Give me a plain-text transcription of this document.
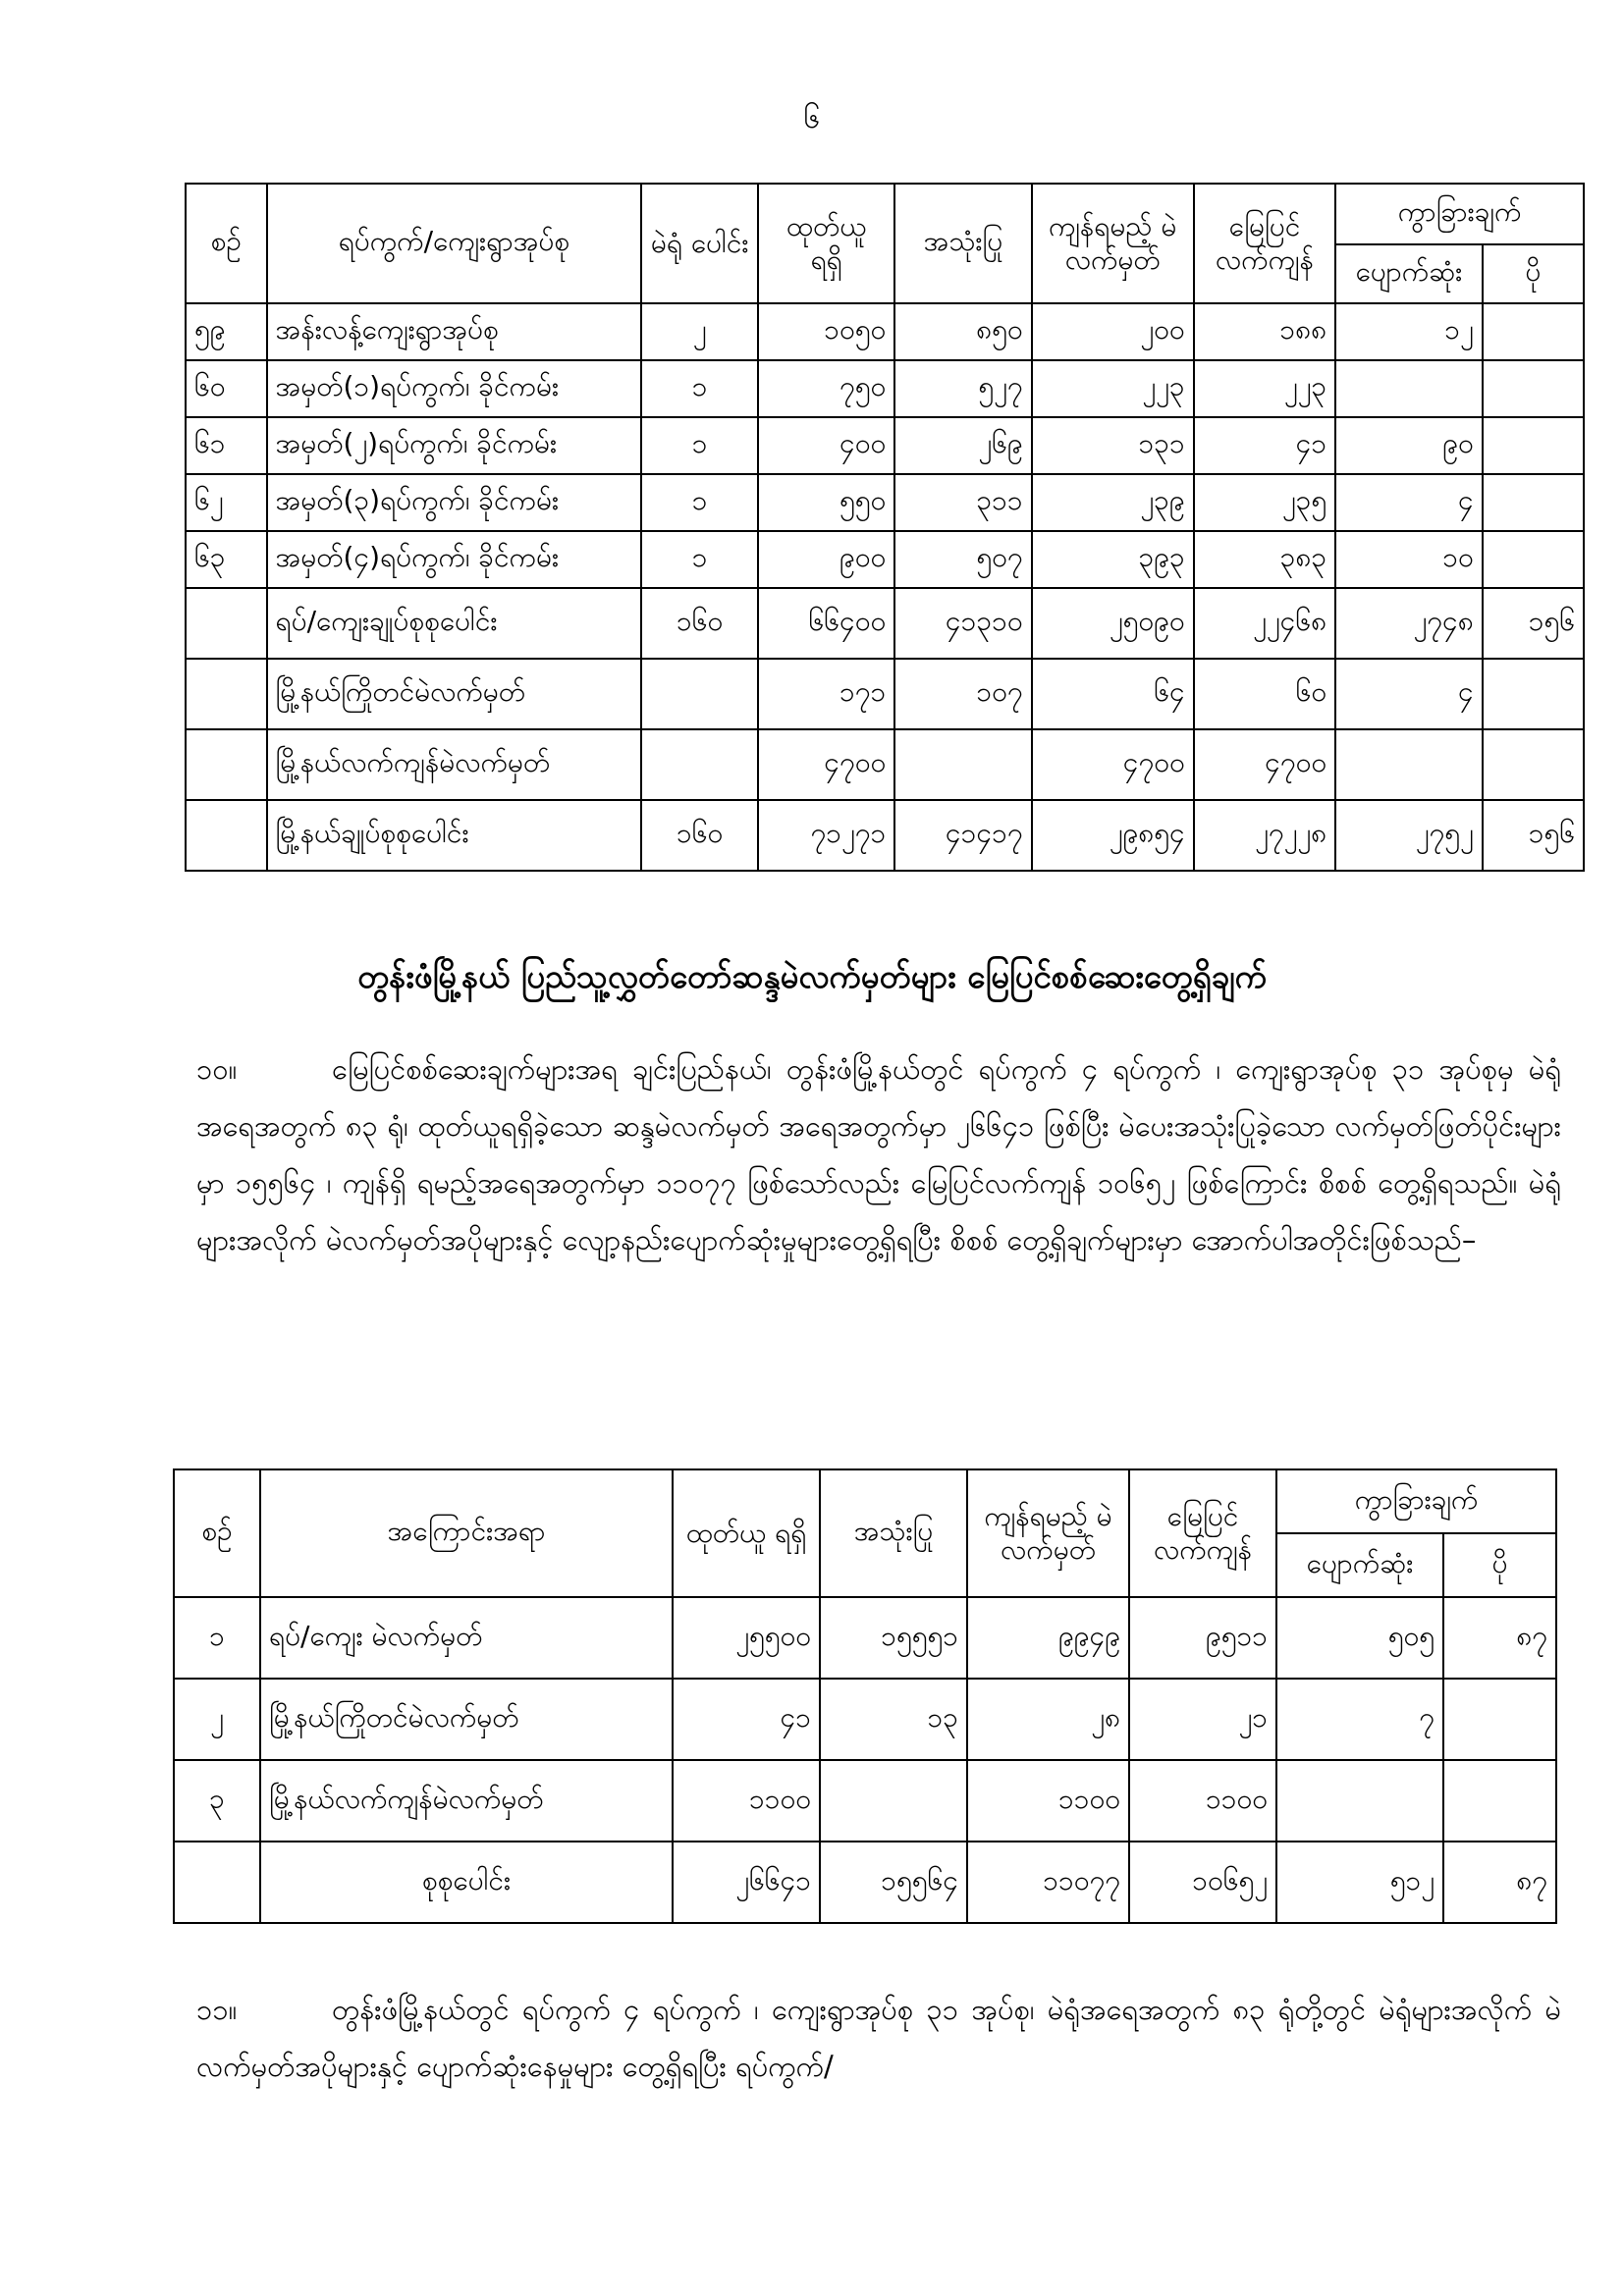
၆
စဉ်	ရပ်ကွက်/ကျေးရွာအုပ်စု	မဲရုံ ပေါင်း	ထုတ်ယူ ရရှိ	အသုံးပြု	ကျန်ရမည့် မဲလက်မှတ်	မြေပြင် လက်ကျန်	ကွာခြားချက်	
							ပျောက်ဆုံး	ပို
၅၉	အန်းလန့်ကျေးရွာအုပ်စု	၂	၁၀၅၀	၈၅၀	၂၀၀	၁၈၈	၁၂	
၆၀	အမှတ်(၁)ရပ်ကွက်၊ ခိုင်ကမ်း	၁	၇၅၀	၅၂၇	၂၂၃	၂၂၃		
၆၁	အမှတ်(၂)ရပ်ကွက်၊ ခိုင်ကမ်း	၁	၄၀၀	၂၆၉	၁၃၁	၄၁	၉၀	
၆၂	အမှတ်(၃)ရပ်ကွက်၊ ခိုင်ကမ်း	၁	၅၅၀	၃၁၁	၂၃၉	၂၃၅	၄	
၆၃	အမှတ်(၄)ရပ်ကွက်၊ ခိုင်ကမ်း	၁	၉၀၀	၅၀၇	၃၉၃	၃၈၃	၁၀	
	ရပ်/ကျေးချုပ်စုစုပေါင်း	၁၆၀	၆၆၄၀၀	၄၁၃၁၀	၂၅၀၉၀	၂၂၄၆၈	၂၇၄၈	၁၅၆
	မြို့နယ်ကြိုတင်မဲလက်မှတ်		၁၇၁	၁၀၇	၆၄	၆၀	၄	
	မြို့နယ်လက်ကျန်မဲလက်မှတ်		၄၇၀၀		၄၇၀၀	၄၇၀၀		
	မြို့နယ်ချုပ်စုစုပေါင်း	၁၆၀	၇၁၂၇၁	၄၁၄၁၇	၂၉၈၅၄	၂၇၂၂၈	၂၇၅၂	၁၅၆
တွန်းဖံမြို့နယ် ပြည်သူ့လွှတ်တော်ဆန္ဒမဲလက်မှတ်များ မြေပြင်စစ်ဆေးတွေ့ရှိချက်
၁၀။	မြေပြင်စစ်ဆေးချက်များအရ ချင်းပြည်နယ်၊ တွန်းဖံမြို့နယ်တွင် ရပ်ကွက် ၄ ရပ်ကွက် ၊ ကျေးရွာအုပ်စု ၃၁ အုပ်စုမှ မဲရုံအရေအတွက် ၈၃ ရုံ၊ ထုတ်ယူရရှိခဲ့သော ဆန္ဒမဲလက်မှတ် အရေအတွက်မှာ ၂၆၆၄၁ ဖြစ်ပြီး မဲပေးအသုံးပြုခဲ့သော လက်မှတ်ဖြတ်ပိုင်းများမှာ ၁၅၅၆၄ ၊ ကျန်ရှိ ရမည့်အရေအတွက်မှာ ၁၁၀၇၇ ဖြစ်သော်လည်း မြေပြင်လက်ကျန် ၁၀၆၅၂ ဖြစ်ကြောင်း စိစစ် တွေ့ရှိရသည်။ မဲရုံများအလိုက် မဲလက်မှတ်အပိုများနှင့် လျော့နည်းပျောက်ဆုံးမှုများတွေ့ရှိရပြီး စိစစ် တွေ့ရှိချက်များမှာ အောက်ပါအတိုင်းဖြစ်သည်–
စဉ်	အကြောင်းအရာ	ထုတ်ယူ ရရှိ	အသုံးပြု	ကျန်ရမည့် မဲလက်မှတ်	မြေပြင် လက်ကျန်	ကွာခြားချက်	
						ပျောက်ဆုံး	ပို
၁	ရပ်/ကျေး မဲလက်မှတ်	၂၅၅၀၀	၁၅၅၅၁	၉၉၄၉	၉၅၁၁	၅၀၅	၈၇
၂	မြို့နယ်ကြိုတင်မဲလက်မှတ်	၄၁	၁၃	၂၈	၂၁	၇	
၃	မြို့နယ်လက်ကျန်မဲလက်မှတ်	၁၁၀၀		၁၁၀၀	၁၁၀၀		
	စုစုပေါင်း	၂၆၆၄၁	၁၅၅၆၄	၁၁၀၇၇	၁၀၆၅၂	၅၁၂	၈၇
၁၁။	တွန်းဖံမြို့နယ်တွင် ရပ်ကွက် ၄ ရပ်ကွက် ၊ ကျေးရွာအုပ်စု ၃၁ အုပ်စု၊ မဲရုံအရေအတွက် ၈၃ ရုံတို့တွင် မဲရုံများအလိုက် မဲလက်မှတ်အပိုများနှင့် ပျောက်ဆုံးနေမှုများ တွေ့ရှိရပြီး ရပ်ကွက်/
